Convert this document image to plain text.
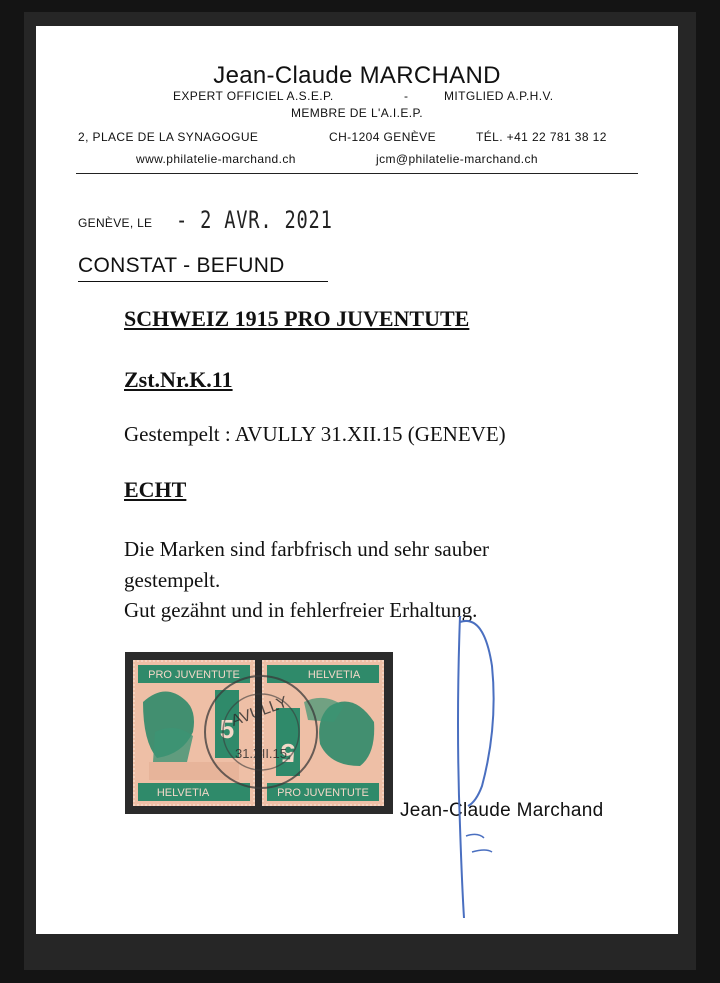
Jean-Claude MARCHAND
EXPERT OFFICIEL A.S.E.P.	-	MITGLIED A.P.H.V.
MEMBRE DE L'A.I.E.P.
2, PLACE DE LA SYNAGOGUE	CH-1204 GENÈVE	TÉL. +41 22 781 38 12
www.philatelie-marchand.ch	jcm@philatelie-marchand.ch
GENÈVE, LE - 2 AVR. 2021
CONSTAT - BEFUND
SCHWEIZ 1915 PRO JUVENTUTE
Zst.Nr.K.11
Gestempelt : AVULLY 31.XII.15 (GENEVE)
ECHT
Die Marken sind farbfrisch und sehr sauber
gestempelt.
Gut gezähnt und in fehlerfreier Erhaltung.
PRO JUVENTUTE
5
HELVETIA
HELVETIA
5
PRO JUVENTUTE
AVULLY
31.XII.15
Jean-Claude Marchand
